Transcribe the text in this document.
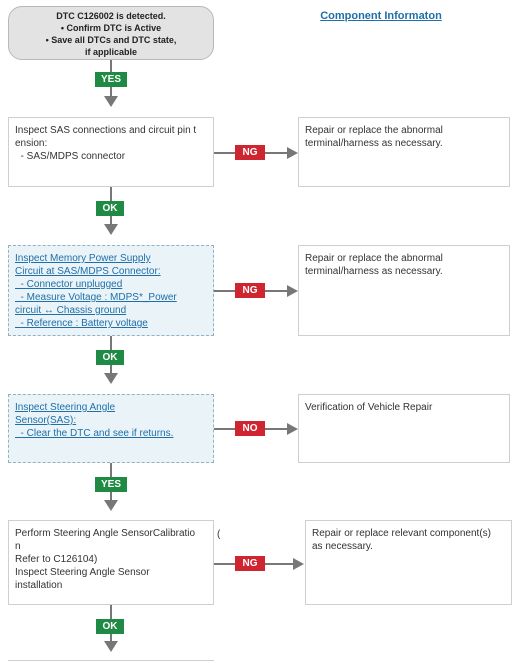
DTC C126002 is detected.
• Confirm DTC is Active
• Save all DTCs and DTC state,
if applicable
Component Informaton
YES
Inspect SAS connections and circuit pin t
ension:
- SAS/MDPS connector	NG
Repair or replace the abnormal
terminal/harness as necessary.
OK
Inspect Memory Power Supply
Circuit at SAS/MDPS Connector:
- Connector unplugged
- Measure Voltage : MDPS*_Power
circuit ↔ Chassis ground
- Reference : Battery voltage
NG
Repair or replace the abnormal
terminal/harness as necessary.
OK
Inspect Steering Angle
Sensor(SAS):
- Clear the DTC and see if returns.	NO
Verification of Vehicle Repair
YES
Perform Steering Angle SensorCalibratio
n
Refer to C126104)
Inspect Steering Angle Sensor
installation
(
NG
Repair or replace relevant component(s)
as necessary.
OK
